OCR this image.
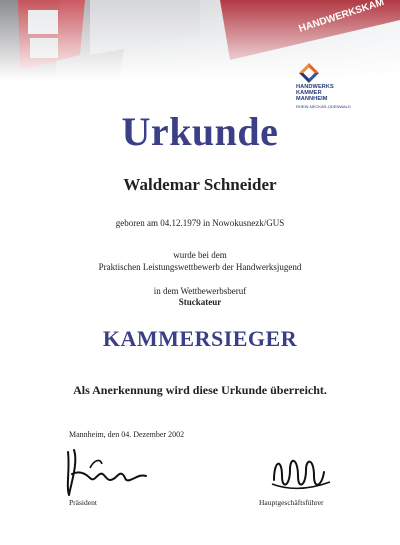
HANDWERKS
KAMMER
MANNHEIM
RHEIN-NECKAR-ODENWALD
Urkunde
Waldemar Schneider
geboren am 04.12.1979 in Nowokusnezk/GUS
wurde bei dem
Praktischen Leistungswettbewerb der Handwerksjugend
in dem Wettbewerbsberuf
Stuckateur
KAMMERSIEGER
Als Anerkennung wird diese Urkunde überreicht.
Mannheim, den 04. Dezember 2002
Präsident	Hauptgeschäftsführer
